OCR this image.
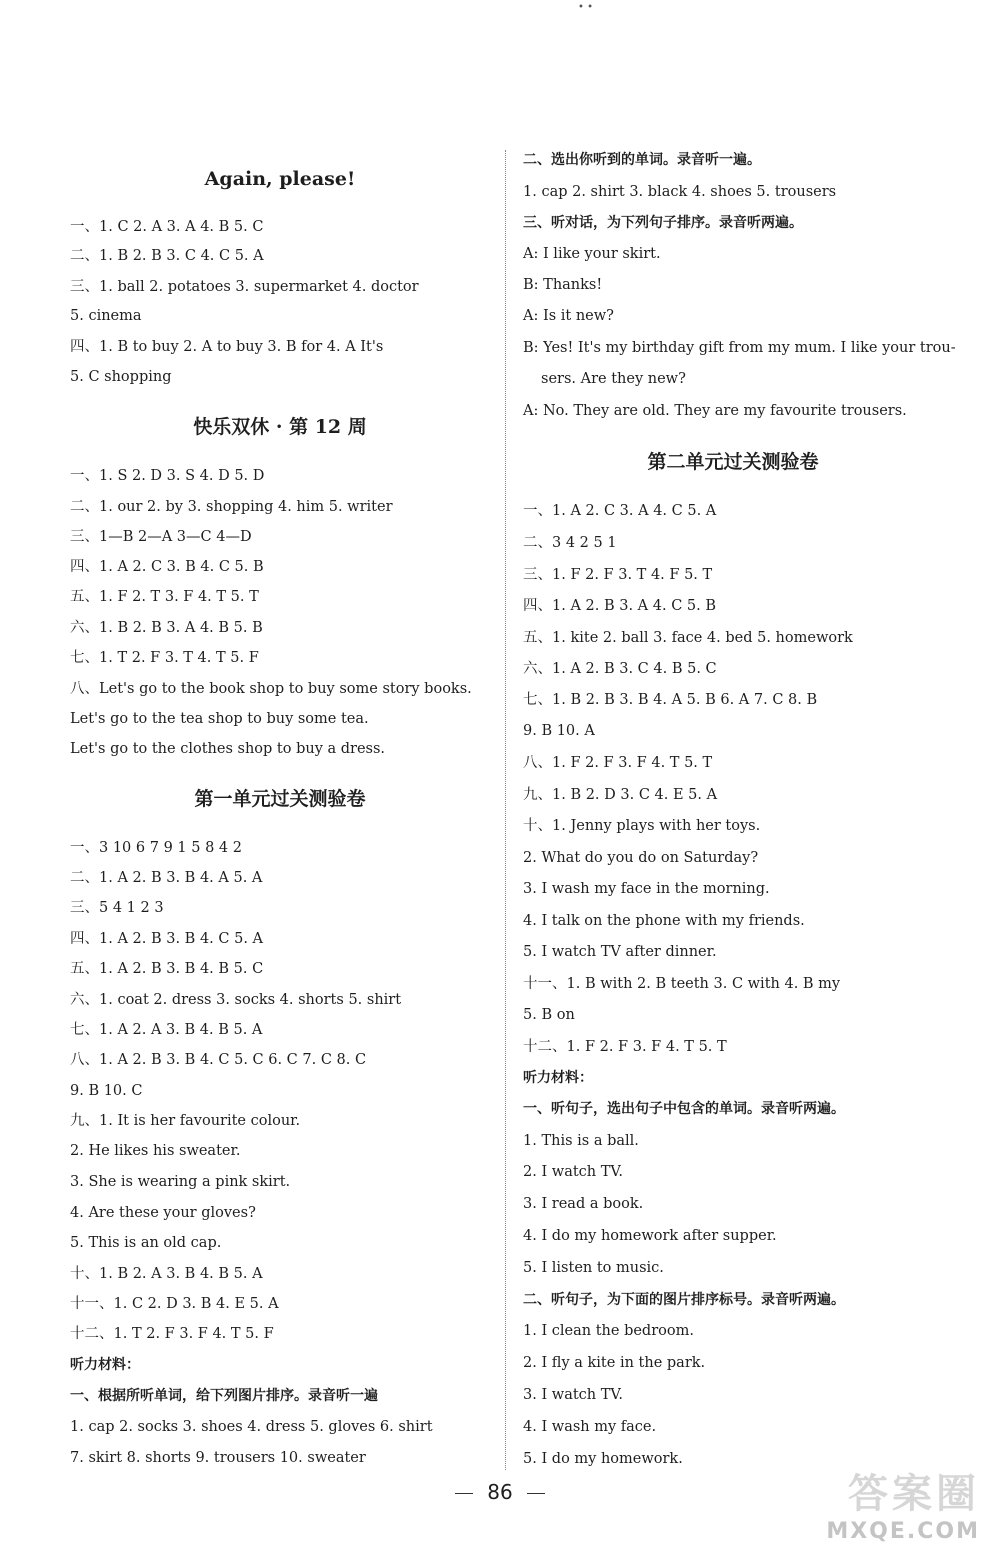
• •
Again, please!
一、1. C 2. A 3. A 4. B 5. C
二、1. B 2. B 3. C 4. C 5. A
三、1. ball 2. potatoes 3. supermarket 4. doctor
5. cinema
四、1. B to buy 2. A to buy 3. B for 4. A It's
5. C shopping
快乐双休 · 第 12 周
一、1. S 2. D 3. S 4. D 5. D
二、1. our 2. by 3. shopping 4. him 5. writer
三、1—B 2—A 3—C 4—D
四、1. A 2. C 3. B 4. C 5. B
五、1. F 2. T 3. F 4. T 5. T
六、1. B 2. B 3. A 4. B 5. B
七、1. T 2. F 3. T 4. T 5. F
八、Let's go to the book shop to buy some story books.
Let's go to the tea shop to buy some tea.
Let's go to the clothes shop to buy a dress.
第一单元过关测验卷
一、3 10 6 7 9 1 5 8 4 2
二、1. A 2. B 3. B 4. A 5. A
三、5 4 1 2 3
四、1. A 2. B 3. B 4. C 5. A
五、1. A 2. B 3. B 4. B 5. C
六、1. coat 2. dress 3. socks 4. shorts 5. shirt
七、1. A 2. A 3. B 4. B 5. A
八、1. A 2. B 3. B 4. C 5. C 6. C 7. C 8. C
9. B 10. C
九、1. It is her favourite colour.
2. He likes his sweater.
3. She is wearing a pink skirt.
4. Are these your gloves?
5. This is an old cap.
十、1. B 2. A 3. B 4. B 5. A
十一、1. C 2. D 3. B 4. E 5. A
十二、1. T 2. F 3. F 4. T 5. F
听力材料：
一、根据所听单词，给下列图片排序。录音听一遍
1. cap 2. socks 3. shoes 4. dress 5. gloves 6. shirt
7. skirt 8. shorts 9. trousers 10. sweater
二、选出你听到的单词。录音听一遍。
1. cap 2. shirt 3. black 4. shoes 5. trousers
三、听对话，为下列句子排序。录音听两遍。
A: I like your skirt.
B: Thanks!
A: Is it new?
B: Yes! It's my birthday gift from my mum. I like your trou-
sers. Are they new?
A: No. They are old. They are my favourite trousers.
第二单元过关测验卷
一、1. A 2. C 3. A 4. C 5. A
二、3 4 2 5 1
三、1. F 2. F 3. T 4. F 5. T
四、1. A 2. B 3. A 4. C 5. B
五、1. kite 2. ball 3. face 4. bed 5. homework
六、1. A 2. B 3. C 4. B 5. C
七、1. B 2. B 3. B 4. A 5. B 6. A 7. C 8. B
9. B 10. A
八、1. F 2. F 3. F 4. T 5. T
九、1. B 2. D 3. C 4. E 5. A
十、1. Jenny plays with her toys.
2. What do you do on Saturday?
3. I wash my face in the morning.
4. I talk on the phone with my friends.
5. I watch TV after dinner.
十一、1. B with 2. B teeth 3. C with 4. B my
5. B on
十二、1. F 2. F 3. F 4. T 5. T
听力材料：
一、听句子，选出句子中包含的单词。录音听两遍。
1. This is a ball.
2. I watch TV.
3. I read a book.
4. I do my homework after supper.
5. I listen to music.
二、听句子，为下面的图片排序标号。录音听两遍。
1. I clean the bedroom.
2. I fly a kite in the park.
3. I watch TV.
4. I wash my face.
5. I do my homework.
86	答案圈
MXQE.COM
